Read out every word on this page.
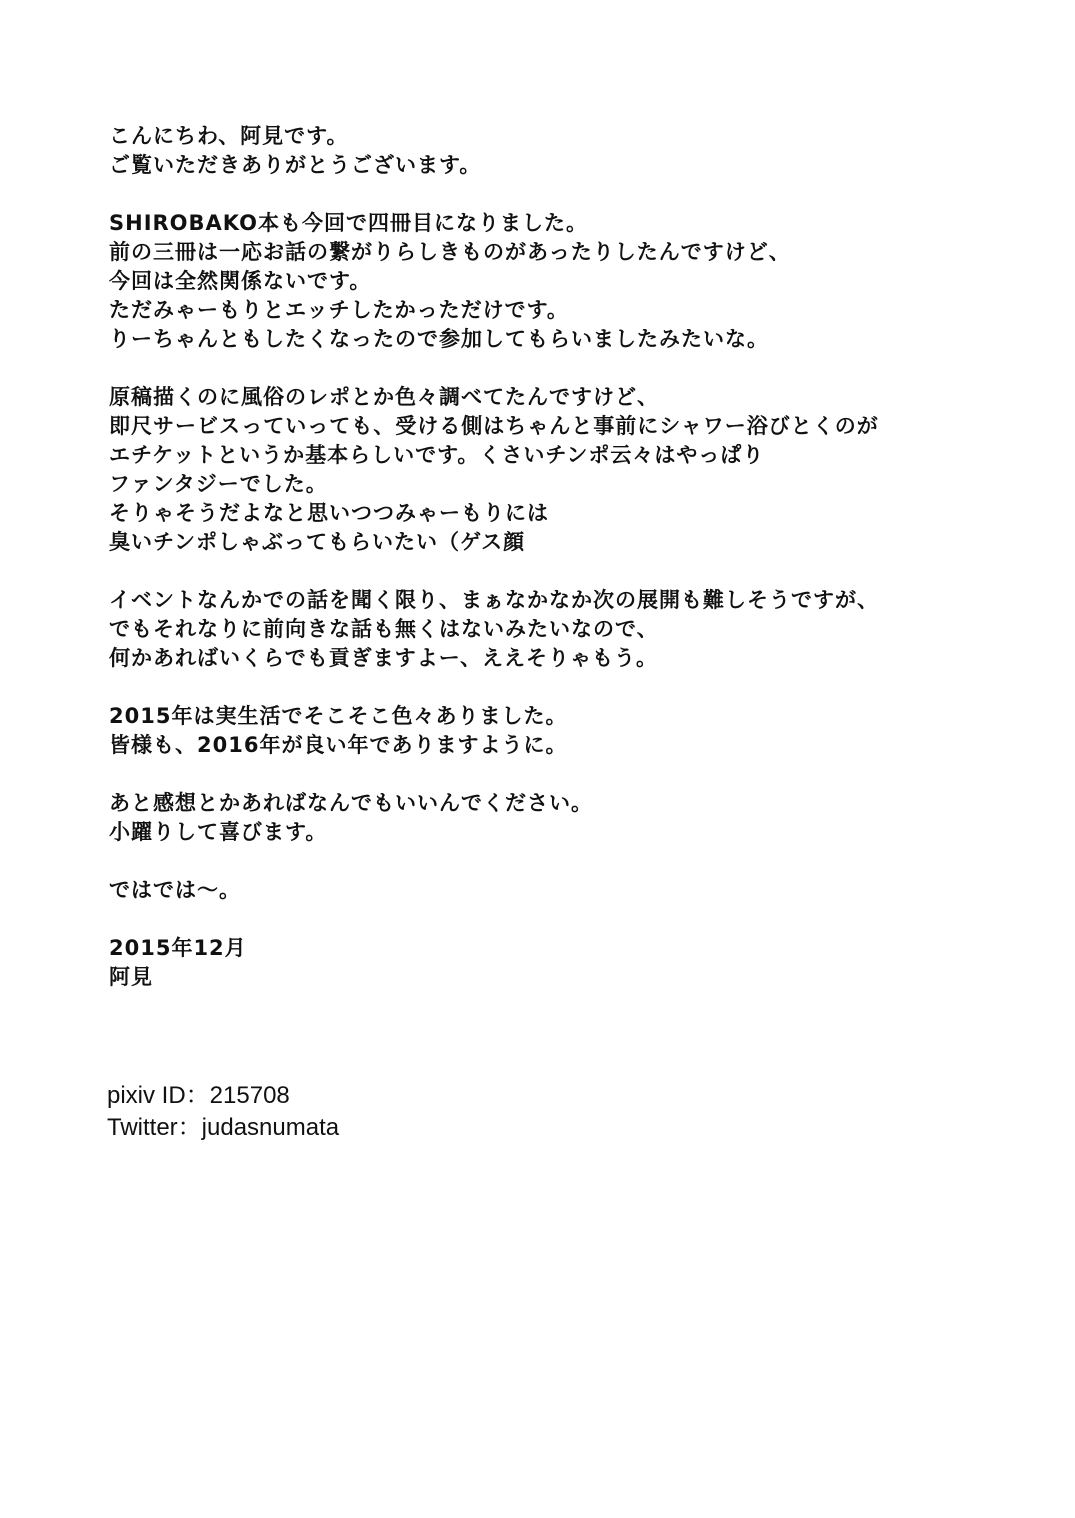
こんにちわ、阿見です。
ご覧いただきありがとうございます。
SHIROBAKO本も今回で四冊目になりました。
前の三冊は一応お話の繋がりらしきものがあったりしたんですけど、
今回は全然関係ないです。
ただみゃーもりとエッチしたかっただけです。
りーちゃんともしたくなったので参加してもらいましたみたいな。
原稿描くのに風俗のレポとか色々調べてたんですけど、
即尺サービスっていっても、受ける側はちゃんと事前にシャワー浴びとくのが
エチケットというか基本らしいです。くさいチンポ云々はやっぱり
ファンタジーでした。
そりゃそうだよなと思いつつみゃーもりには
臭いチンポしゃぶってもらいたい（ゲス顔
イベントなんかでの話を聞く限り、まぁなかなか次の展開も難しそうですが、
でもそれなりに前向きな話も無くはないみたいなので、
何かあればいくらでも貢ぎますよー、ええそりゃもう。
2015年は実生活でそこそこ色々ありました。
皆様も、2016年が良い年でありますように。
あと感想とかあればなんでもいいんでください。
小躍りして喜びます。
ではでは〜。
2015年12月
阿見
pixiv ID：215708
Twitter：judasnumata
